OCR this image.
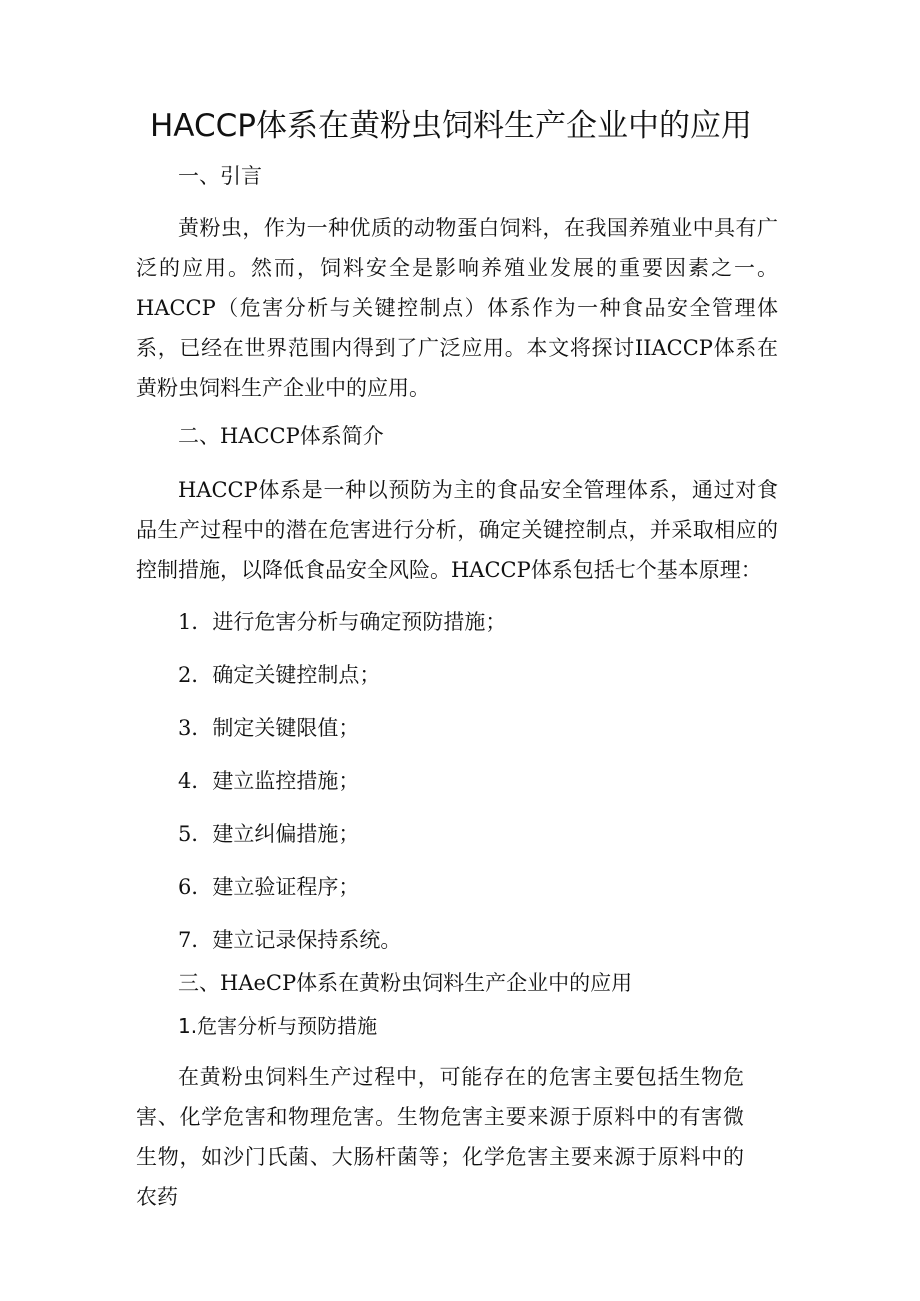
HACCP体系在黄粉虫饲料生产企业中的应用
一、引言
黄粉虫，作为一种优质的动物蛋白饲料，在我国养殖业中具有广泛的应用。然而，饲料安全是影响养殖业发展的重要因素之一。HACCP（危害分析与关键控制点）体系作为一种食品安全管理体系，已经在世界范围内得到了广泛应用。本文将探讨IIACCP体系在黄粉虫饲料生产企业中的应用。
二、HACCP体系简介
HACCP体系是一种以预防为主的食品安全管理体系，通过对食品生产过程中的潜在危害进行分析，确定关键控制点，并采取相应的控制措施，以降低食品安全风险。HACCP体系包括七个基本原理：
1．进行危害分析与确定预防措施；
2．确定关键控制点；
3．制定关键限值；
4．建立监控措施；
5．建立纠偏措施；
6．建立验证程序；
7．建立记录保持系统。
三、HAeCP体系在黄粉虫饲料生产企业中的应用
1.危害分析与预防措施
在黄粉虫饲料生产过程中，可能存在的危害主要包括生物危害、化学危害和物理危害。生物危害主要来源于原料中的有害微生物，如沙门氏菌、大肠杆菌等；化学危害主要来源于原料中的农药
